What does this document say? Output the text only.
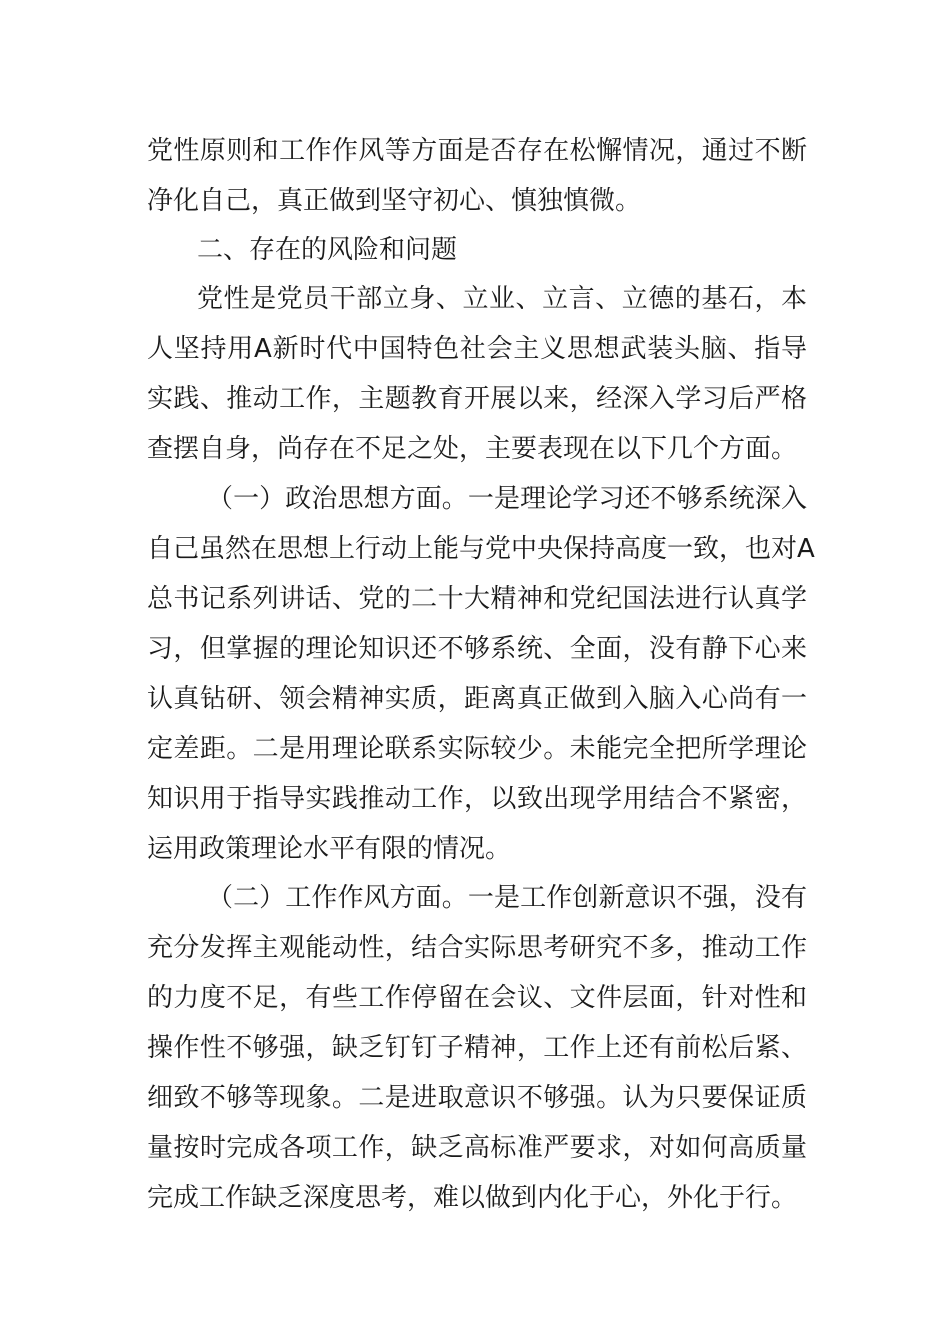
党性原则和工作作风等方面是否存在松懈情况，通过不断
净化自己，真正做到坚守初心、慎独慎微。
二、存在的风险和问题
党性是党员干部立身、立业、立言、立德的基石，本
人坚持用A新时代中国特色社会主义思想武装头脑、指导
实践、推动工作，主题教育开展以来，经深入学习后严格
查摆自身，尚存在不足之处，主要表现在以下几个方面。
（一）政治思想方面。一是理论学习还不够系统深入
自己虽然在思想上行动上能与党中央保持高度一致，也对A
总书记系列讲话、党的二十大精神和党纪国法进行认真学
习，但掌握的理论知识还不够系统、全面，没有静下心来
认真钻研、领会精神实质，距离真正做到入脑入心尚有一
定差距。二是用理论联系实际较少。未能完全把所学理论
知识用于指导实践推动工作，以致出现学用结合不紧密，
运用政策理论水平有限的情况。
（二）工作作风方面。一是工作创新意识不强，没有
充分发挥主观能动性，结合实际思考研究不多，推动工作
的力度不足，有些工作停留在会议、文件层面，针对性和
操作性不够强，缺乏钉钉子精神，工作上还有前松后紧、
细致不够等现象。二是进取意识不够强。认为只要保证质
量按时完成各项工作，缺乏高标准严要求，对如何高质量
完成工作缺乏深度思考，难以做到内化于心，外化于行。
